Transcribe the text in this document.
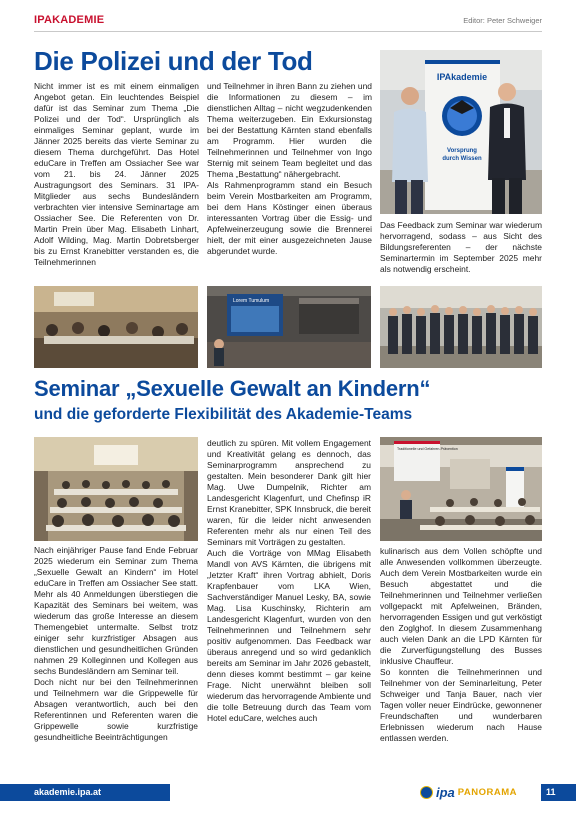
IPAKADEMIE	Editor: Peter Schweiger
Die Polizei und der Tod

Nicht immer ist es mit einem einmaligen Angebot getan. Ein leuchtendes Beispiel dafür ist das Seminar zum Thema „Die Polizei und der Tod“. Ursprünglich als einmaliges Seminar geplant, wurde im Jänner 2025 bereits das vierte Seminar zu diesem Thema durchgeführt. Das Hotel eduCare in Treffen am Ossiacher See war vom 21. bis 24. Jänner 2025 Austragungsort des Seminars. 31 IPA-Mitglieder aus sechs Bundesländern verbrachten vier intensive Seminartage am Ossiacher See. Die Referenten von Dr. Martin Prein über Mag. Elisabeth Linhart, Adolf Wilding, Mag. Martin Dobretsberger bis zu Ernst Kranebitter verstanden es, die Teilnehmerinnen

und Teilnehmer in ihren Bann zu ziehen und die Informationen zu diesem – im dienstlichen Alltag – nicht wegzudenkenden Thema weiterzugeben. Ein Exkursionstag bei der Bestattung Kärnten stand ebenfalls am Programm. Hier wurden die Teilnehmerinnen und Teilnehmer von Ingo Sternig mit seinem Team begleitet und das Thema „Bestattung“ nähergebracht.

Als Rahmenprogramm stand ein Besuch beim Verein Mostbarkeiten am Programm, bei dem Hans Köstinger einen überaus interessanten Vortrag über die Essig- und Apfelweinerzeugung sowie die Brennerei hielt, der mit einer ausgezeichneten Jause abgerundet wurde.

IPAkademie
Vorsprung
durch Wissen

Das Feedback zum Seminar war wiederum hervorragend, sodass – aus Sicht des Bildungsreferenten – der nächste Seminartermin im September 2025 mehr als notwendig erscheint.

Lorem Tumulum
Seminar „Sexuelle Gewalt an Kindern“
und die geforderte Flexibilität des Akademie-Teams

Nach einjähriger Pause fand Ende Februar 2025 wiederum ein Seminar zum Thema „Sexuelle Gewalt an Kindern“ im Hotel eduCare in Treffen am Ossiacher See statt. Mehr als 40 Anmeldungen überstiegen die Kapazität des Seminars bei weitem, was wiederum das große Interesse an diesem Themengebiet untermalte. Selbst trotz einiger sehr kurzfristiger Absagen aus dienstlichen und gesundheitlichen Gründen nahmen 29 Kolleginnen und Kollegen aus sechs Bundesländern am Seminar teil.

Doch nicht nur bei den Teilnehmerinnen und Teilnehmern war die Grippewelle für Absagen verantwortlich, auch bei den Referentinnen und Referenten waren die Grippewelle sowie kurzfristige gesundheitliche Beeinträchtigungen

deutlich zu spüren. Mit vollem Engagement und Kreativität gelang es dennoch, das Seminarprogramm ansprechend zu gestalten. Mein besonderer Dank gilt hier Mag. Uwe Dumpelnik, Richter am Landesgericht Klagenfurt, und Chefinsp iR Ernst Kranebitter, SPK Innsbruck, die bereit waren, für die leider nicht anwesenden Referenten mehr als nur einen Teil des Seminars mit Vorträgen zu gestalten.

Auch die Vorträge von MMag Elisabeth Mandl von AVS Kärnten, die übrigens mit „letzter Kraft“ ihren Vortrag abhielt, Doris Krapfenbauer vom LKA Wien, Sachverständiger Manuel Lesky, BA, sowie Mag. Lisa Kuschinsky, Richterin am Landesgericht Klagenfurt, wurden von den Teilnehmerinnen und Teilnehmern sehr positiv aufgenommen. Das Feedback war überaus anregend und so wird gedanklich bereits am Seminar im Jahr 2026 gebastelt, denn dieses kommt bestimmt – gar keine Frage. Nicht unerwähnt bleiben soll wiederum das hervorragende Ambiente und die tolle Betreuung durch das Team vom Hotel eduCare, welches auch

Traditionelle und Gefahren-Prävention

kulinarisch aus dem Vollen schöpfte und alle Anwesenden vollkommen überzeugte. Auch dem Verein Mostbarkeiten wurde ein Besuch abgestattet und die Teilnehmerinnen und Teilnehmer verließen vollgepackt mit Apfelweinen, Bränden, hervorragenden Essigen und gut verköstigt den Zoglghof. In diesem Zusammenhang auch vielen Dank an die LPD Kärnten für die Zurverfügungstellung des Busses inklusive Chauffeur.

So konnten die Teilnehmerinnen und Teilnehmer von der Seminarleitung, Peter Schweiger und Tanja Bauer, nach vier Tagen voller neuer Eindrücke, gewonnener Freundschaften und wunderbaren Erlebnissen wiederum nach Hause entlassen werden.

akademie.ipa.at	ipa PANORAMA	11
